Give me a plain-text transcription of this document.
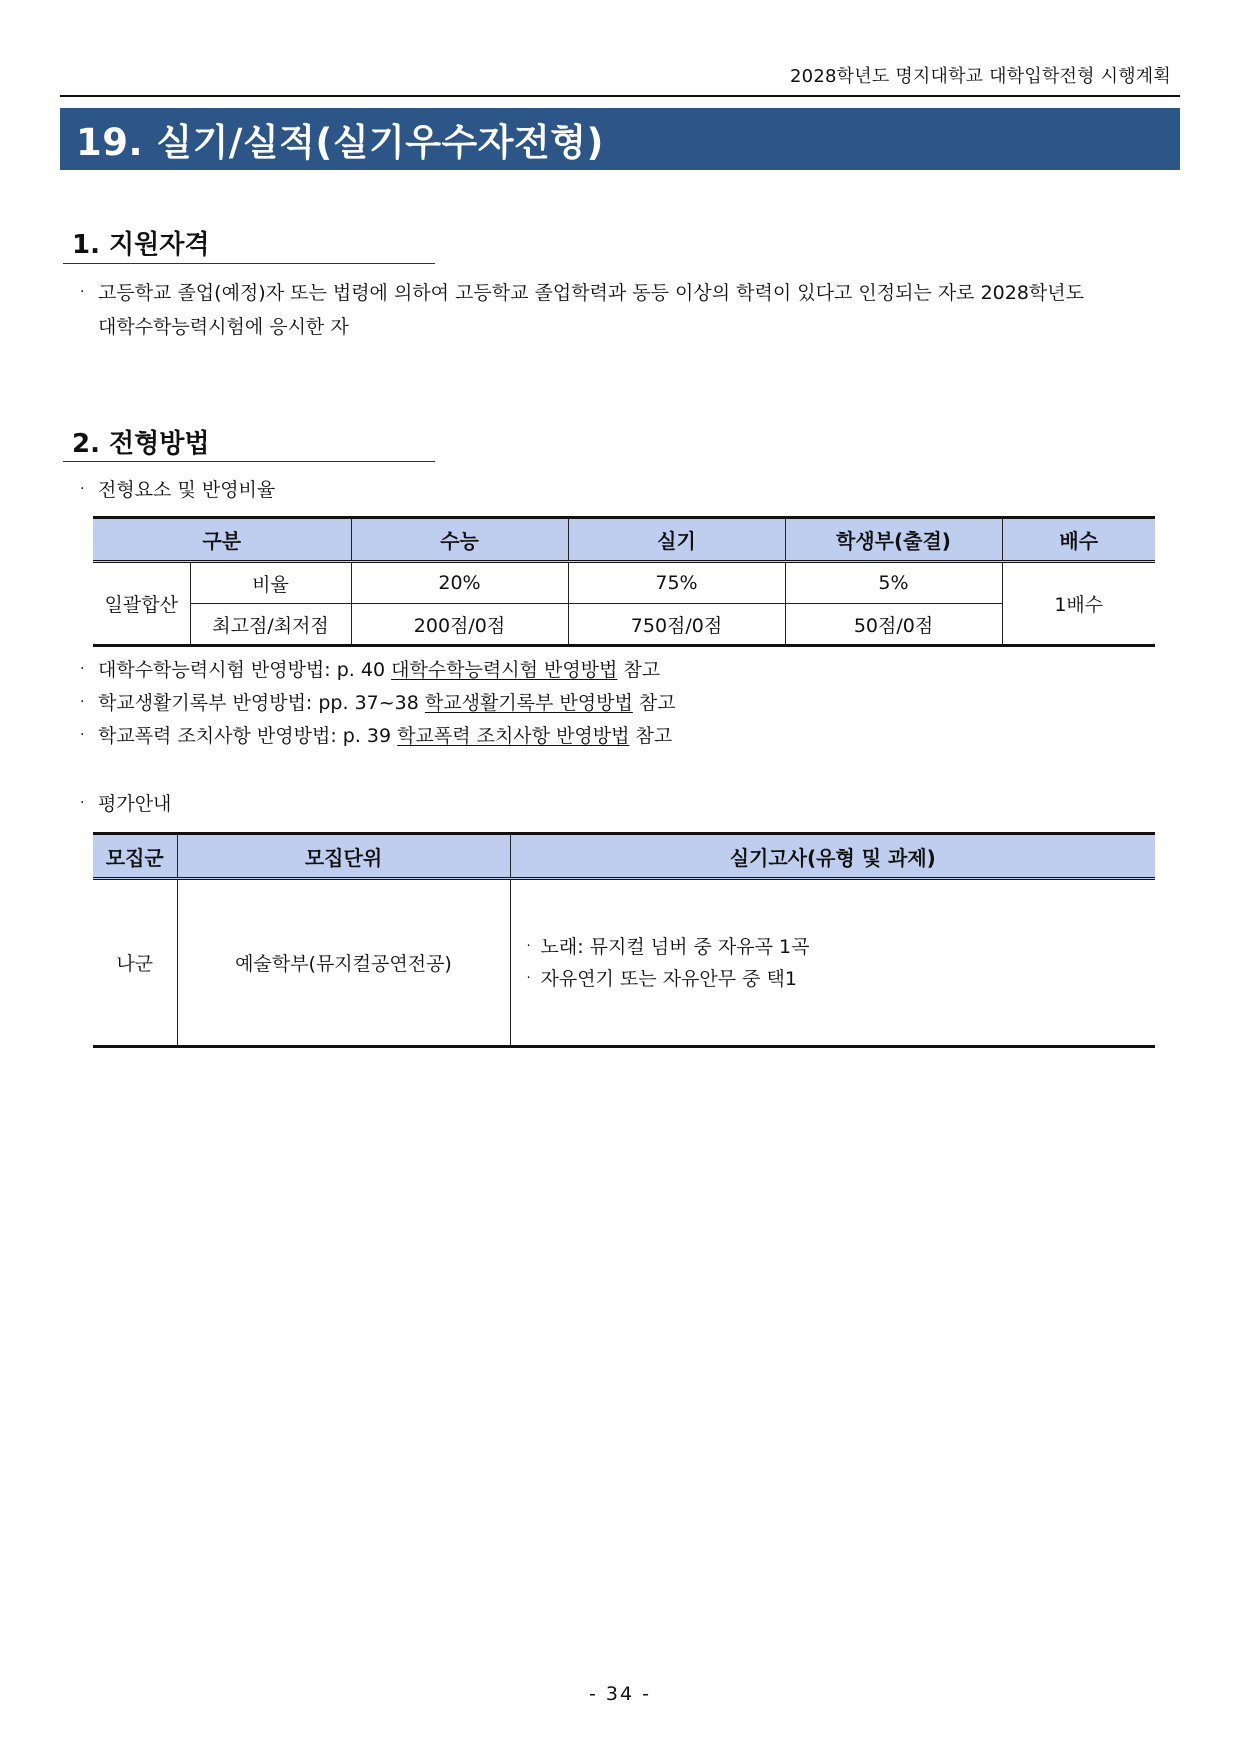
2028학년도 명지대학교 대학입학전형 시행계획
19. 실기/실적(실기우수자전형)
1. 지원자격
· 고등학교 졸업(예정)자 또는 법령에 의하여 고등학교 졸업학력과 동등 이상의 학력이 있다고 인정되는 자로 2028학년도
대학수학능력시험에 응시한 자
2. 전형방법
· 전형요소 및 반영비율
구분		수능	실기	학생부(출결)	배수
일괄합산	비율	20%	75%	5%	1배수
	최고점/최저점	200점/0점	750점/0점	50점/0점	
· 대학수학능력시험 반영방법: p. 40 대학수학능력시험 반영방법 참고
· 학교생활기록부 반영방법: pp. 37~38 학교생활기록부 반영방법 참고
· 학교폭력 조치사항 반영방법: p. 39 학교폭력 조치사항 반영방법 참고
· 평가안내
모집군	모집단위	실기고사(유형 및 과제)
나군	예술학부(뮤지컬공연전공)	· 노래: 뮤지컬 넘버 중 자유곡 1곡
· 자유연기 또는 자유안무 중 택1
- 34 -
